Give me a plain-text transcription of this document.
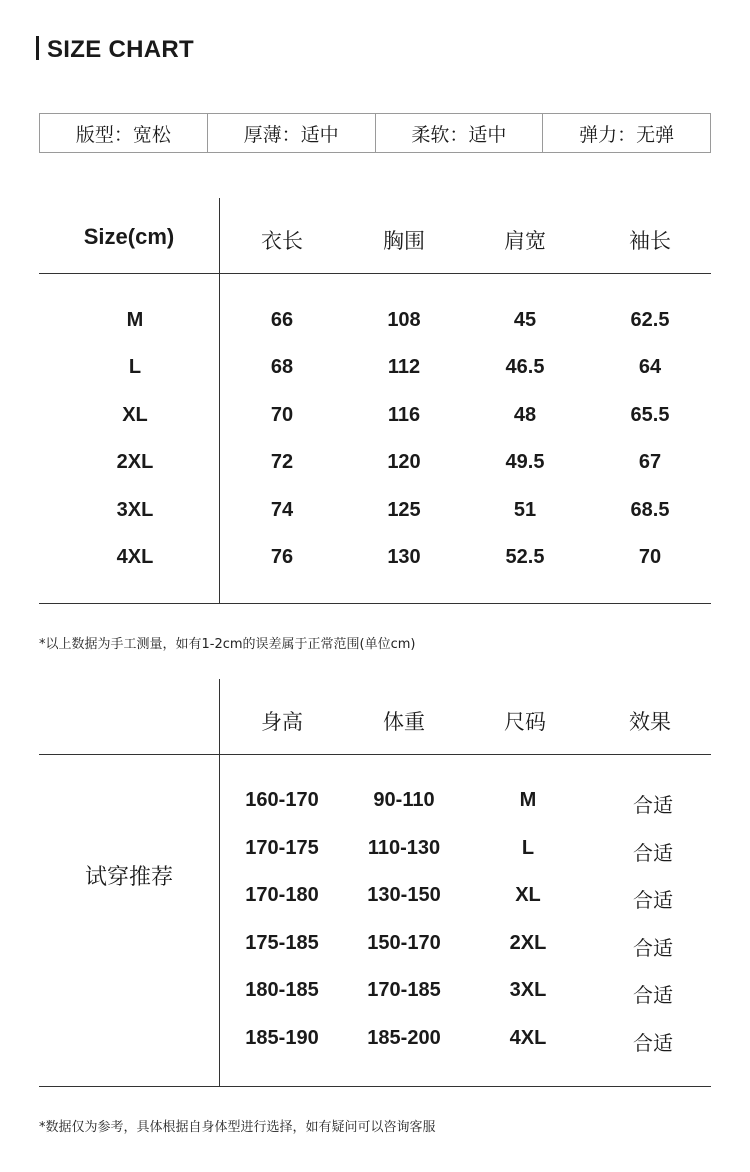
SIZE CHART
版型：宽松	厚薄：适中	柔软：适中	弹力：无弹
Size(cm)	衣长	胸围	肩宽	袖长
M	66	108	45	62.5
L	68	112	46.5	64
XL	70	116	48	65.5
2XL	72	120	49.5	67
3XL	74	125	51	68.5
4XL	76	130	52.5	70
*以上数据为手工测量，如有1-2cm的误差属于正常范围(单位cm)
身高	体重	尺码	效果
试穿推荐
160-170	90-110	M	合适
170-175	110-130	L	合适
170-180	130-150	XL	合适
175-185	150-170	2XL	合适
180-185	170-185	3XL	合适
185-190	185-200	4XL	合适
*数据仅为参考，具体根据自身体型进行选择，如有疑问可以咨询客服
